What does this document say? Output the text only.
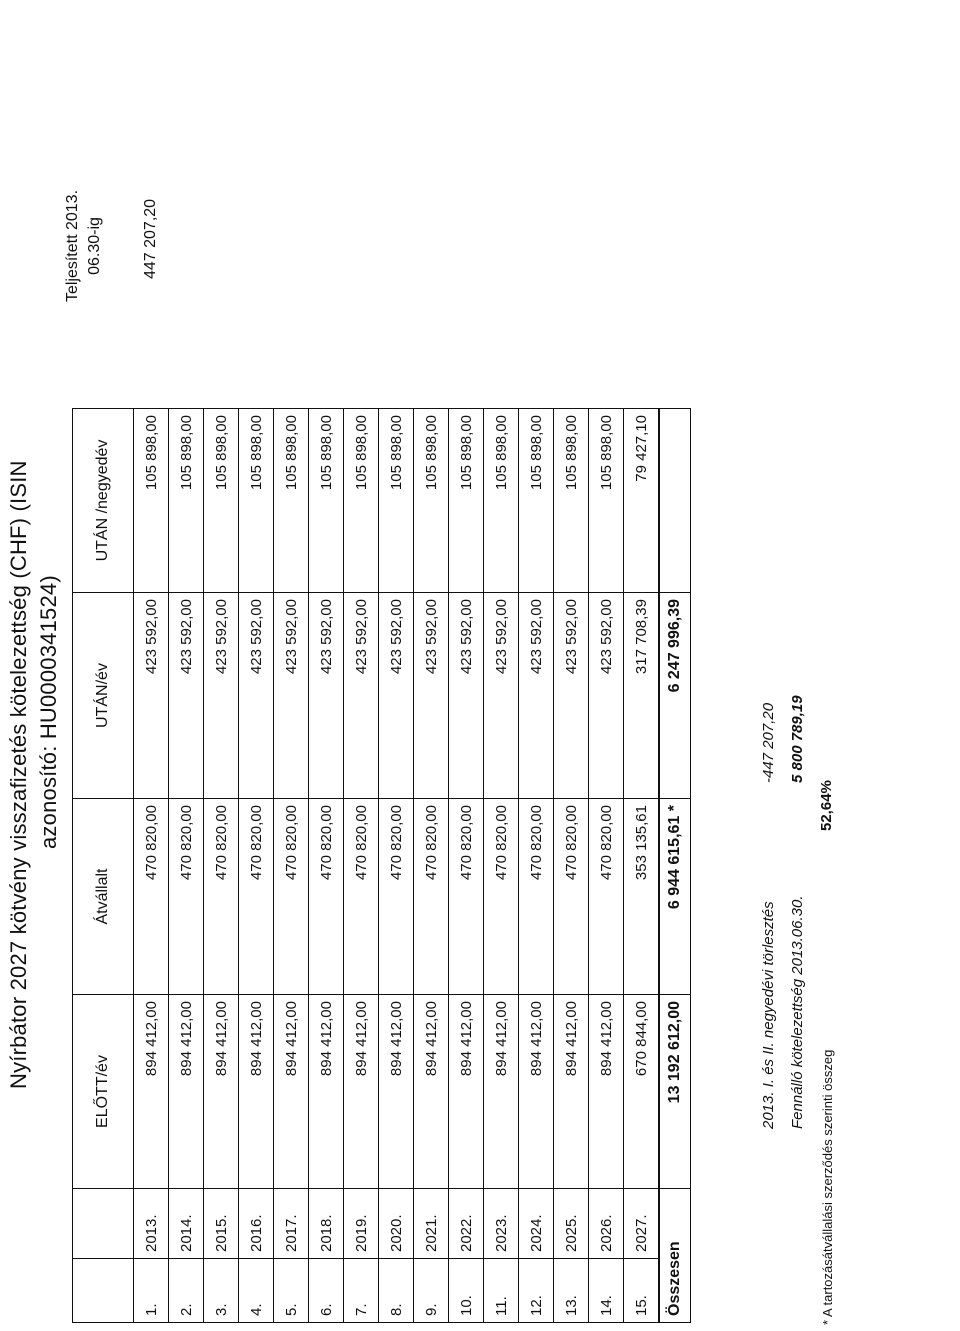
Nyírbátor 2027 kötvény visszafizetés kötelezettség (CHF) (ISIN azonosító: HU0000341524)
		ELŐTT/év	Átvállalt	UTÁN/év	UTÁN /negyedév
1.	2013.	894 412,00	470 820,00	423 592,00	105 898,00
2.	2014.	894 412,00	470 820,00	423 592,00	105 898,00
3.	2015.	894 412,00	470 820,00	423 592,00	105 898,00
4.	2016.	894 412,00	470 820,00	423 592,00	105 898,00
5.	2017.	894 412,00	470 820,00	423 592,00	105 898,00
6.	2018.	894 412,00	470 820,00	423 592,00	105 898,00
7.	2019.	894 412,00	470 820,00	423 592,00	105 898,00
8.	2020.	894 412,00	470 820,00	423 592,00	105 898,00
9.	2021.	894 412,00	470 820,00	423 592,00	105 898,00
10.	2022.	894 412,00	470 820,00	423 592,00	105 898,00
11.	2023.	894 412,00	470 820,00	423 592,00	105 898,00
12.	2024.	894 412,00	470 820,00	423 592,00	105 898,00
13.	2025.	894 412,00	470 820,00	423 592,00	105 898,00
14.	2026.	894 412,00	470 820,00	423 592,00	105 898,00
15.	2027.	670 844,00	353 135,61	317 708,39	79 427,10
Összesen		13 192 612,00	6 944 615,61 *	6 247 996,39	
2013. I. és II. negyedévi törlesztés
-447 207,20
Fennálló kötelezettség 2013.06.30.
5 800 789,19
52,64%
* A tartozásátvállalási szerződés szerinti összeg
Teljesített 2013. 06.30-ig 447 207,20
